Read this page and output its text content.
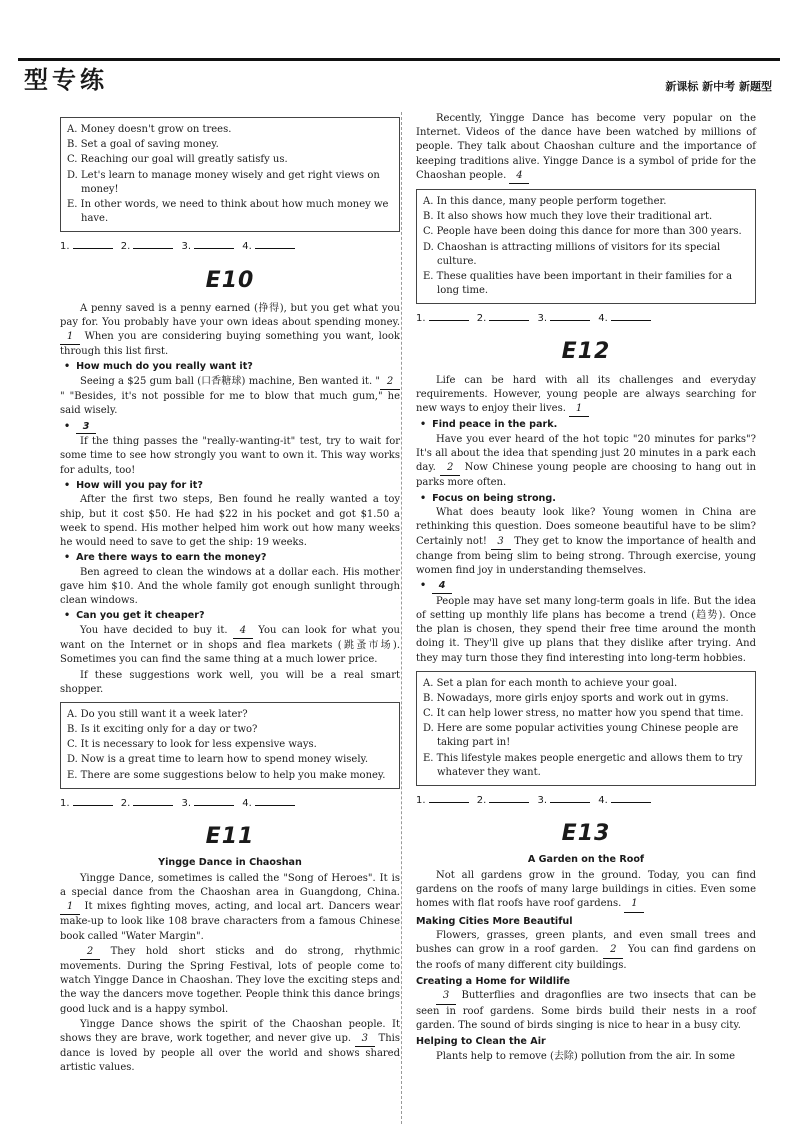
型专练	新课标 新中考 新题型
A. Money doesn't grow on trees.
B. Set a goal of saving money.
C. Reaching our goal will greatly satisfy us.
D. Let's learn to manage money wisely and get right views on money!
E. In other words, we need to think about how much money we have.
1.	2.	3.	4.
E10

A penny saved is a penny earned (挣得), but you get what you pay for. You probably have your own ideas about spending money. 1 When you are considering buying something you want, look through this list first.

• How much do you really want it?

Seeing a $25 gum ball (口香糖球) machine, Ben wanted it. " 2" "Besides, it's not possible for me to blow that much gum," he said wisely.

• 3

If the thing passes the "really-wanting-it" test, try to wait for some time to see how strongly you want to own it. This way works for adults, too!

• How will you pay for it?

After the first two steps, Ben found he really wanted a toy ship, but it cost $50. He had $22 in his pocket and got $1.50 a week to spend. His mother helped him work out how many weeks he would need to save to get the ship: 19 weeks.

• Are there ways to earn the money?

Ben agreed to clean the windows at a dollar each. His mother gave him $10. And the whole family got enough sunlight through clean windows.

• Can you get it cheaper?

You have decided to buy it. 4 You can look for what you want on the Internet or in shops and flea markets (跳蚤市场). Sometimes you can find the same thing at a much lower price.

If these suggestions work well, you will be a real smart shopper.

A. Do you still want it a week later?
B. Is it exciting only for a day or two?
C. It is necessary to look for less expensive ways.
D. Now is a great time to learn how to spend money wisely.
E. There are some suggestions below to help you make money.
1.	2.	3.	4.
E11
Yingge Dance in Chaoshan

Yingge Dance, sometimes is called the "Song of Heroes". It is a special dance from the Chaoshan area in Guangdong, China. 1 It mixes fighting moves, acting, and local art. Dancers wear make-up to look like 108 brave characters from a famous Chinese book called "Water Margin".

2 They hold short sticks and do strong, rhythmic movements. During the Spring Festival, lots of people come to watch Yingge Dance in Chaoshan. They love the exciting steps and the way the dancers move together. People think this dance brings good luck and is a happy symbol.

Yingge Dance shows the spirit of the Chaoshan people. It shows they are brave, work together, and never give up. 3 This dance is loved by people all over the world and shows shared artistic values.

Recently, Yingge Dance has become very popular on the Internet. Videos of the dance have been watched by millions of people. They talk about Chaoshan culture and the importance of keeping traditions alive. Yingge Dance is a symbol of pride for the Chaoshan people. 4

A. In this dance, many people perform together.
B. It also shows how much they love their traditional art.
C. People have been doing this dance for more than 300 years.
D. Chaoshan is attracting millions of visitors for its special culture.
E. These qualities have been important in their families for a long time.
1.	2.	3.	4.
E12

Life can be hard with all its challenges and everyday requirements. However, young people are always searching for new ways to enjoy their lives. 1

• Find peace in the park.

Have you ever heard of the hot topic "20 minutes for parks"? It's all about the idea that spending just 20 minutes in a park each day. 2 Now Chinese young people are choosing to hang out in parks more often.

• Focus on being strong.

What does beauty look like? Young women in China are rethinking this question. Does someone beautiful have to be slim? Certainly not! 3 They get to know the importance of health and change from being slim to being strong. Through exercise, young women find joy in understanding themselves.

• 4

People may have set many long-term goals in life. But the idea of setting up monthly life plans has become a trend (趋势). Once the plan is chosen, they spend their free time around the month doing it. They'll give up plans that they dislike after trying. And they may turn those they find interesting into long-term hobbies.

A. Set a plan for each month to achieve your goal.
B. Nowadays, more girls enjoy sports and work out in gyms.
C. It can help lower stress, no matter how you spend that time.
D. Here are some popular activities young Chinese people are taking part in!
E. This lifestyle makes people energetic and allows them to try whatever they want.
1.	2.	3.	4.
E13
A Garden on the Roof

Not all gardens grow in the ground. Today, you can find gardens on the roofs of many large buildings in cities. Even some homes with flat roofs have roof gardens. 1

Making Cities More Beautiful

Flowers, grasses, green plants, and even small trees and bushes can grow in a roof garden. 2 You can find gardens on the roofs of many different city buildings.

Creating a Home for Wildlife

3 Butterflies and dragonflies are two insects that can be seen in roof gardens. Some birds build their nests in a roof garden. The sound of birds singing is nice to hear in a busy city.

Helping to Clean the Air

Plants help to remove (去除) pollution from the air. In some
